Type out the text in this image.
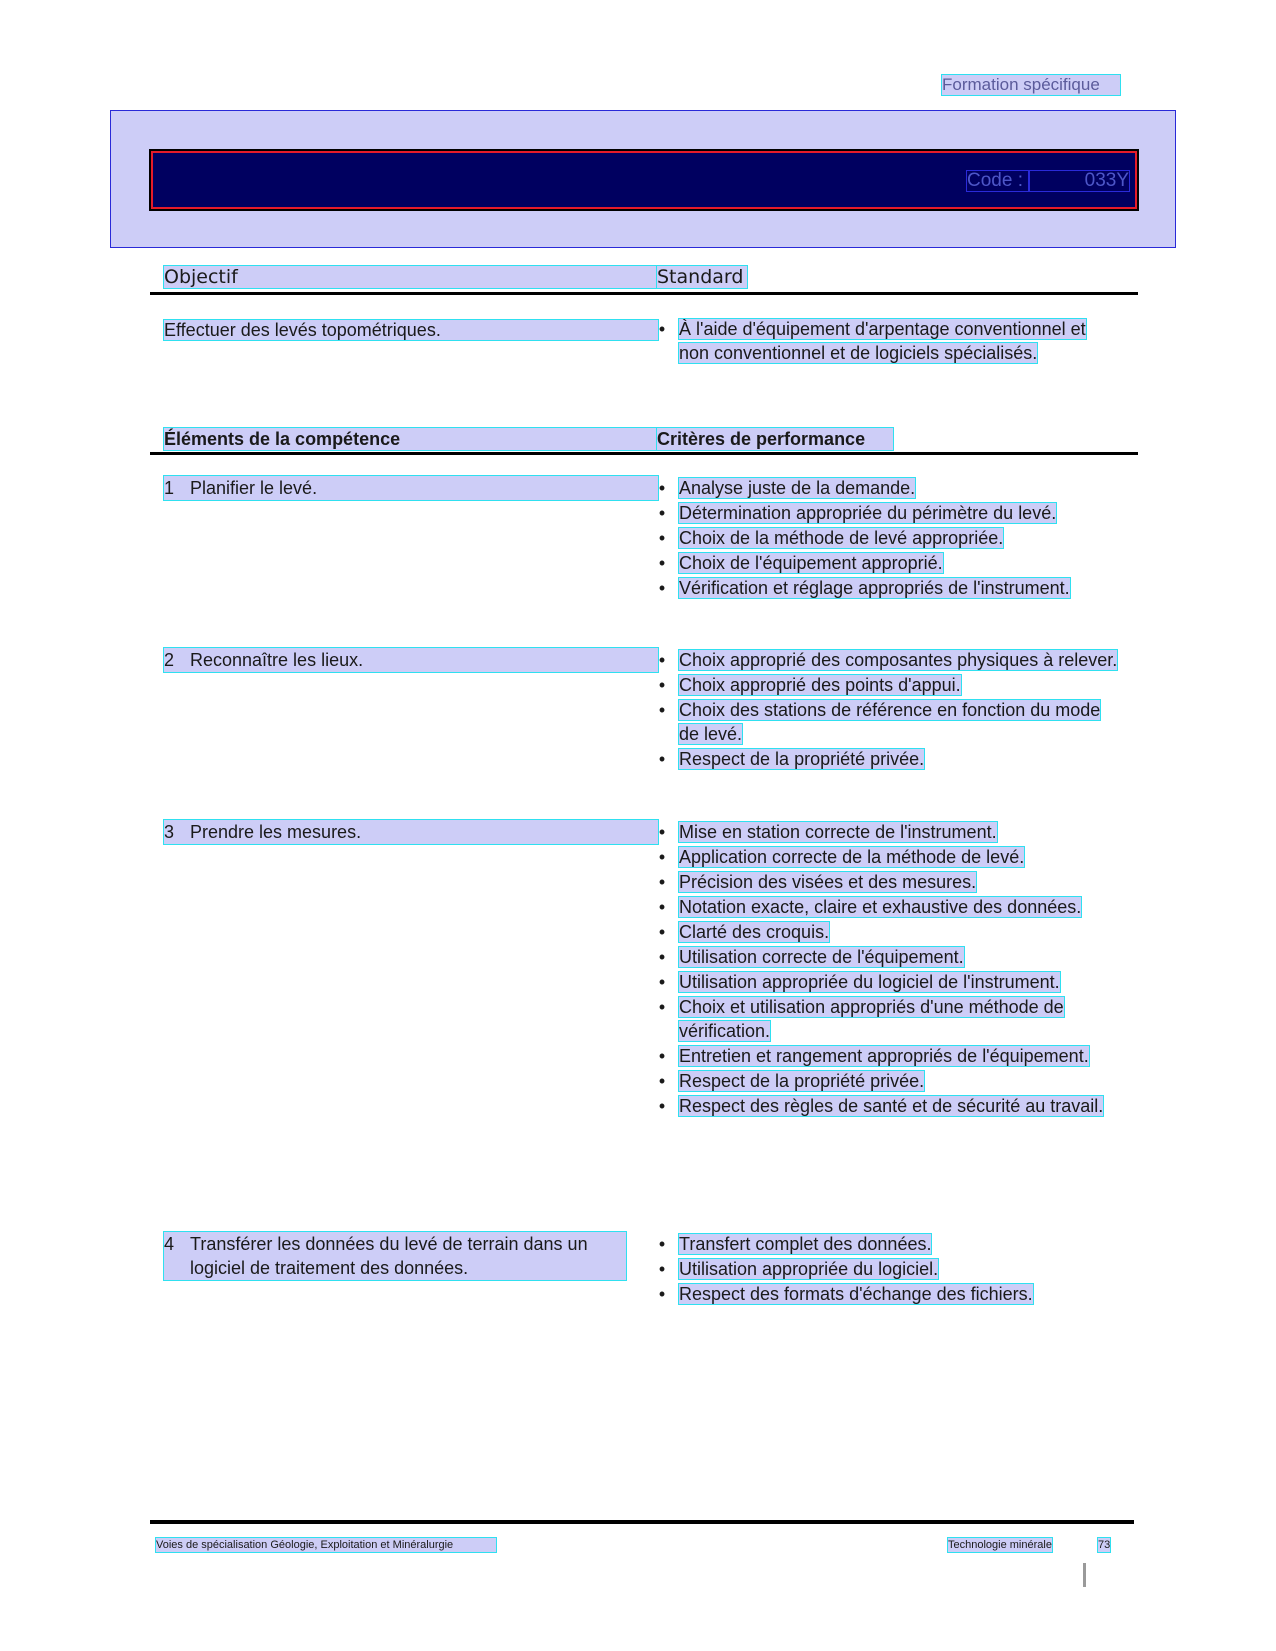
Formation spécifique
Code :	033Y
Objectif	Standard
Effectuer des levés topométriques.	• À l'aide d'équipement d'arpentage conventionnel et non conventionnel et de logiciels spécialisés.
Éléments de la compétence	Critères de performance
1 Planifier le levé.	• Analyse juste de la demande.
• Détermination appropriée du périmètre du levé.
• Choix de la méthode de levé appropriée.
• Choix de l'équipement approprié.
• Vérification et réglage appropriés de l'instrument.
2 Reconnaître les lieux.	• Choix approprié des composantes physiques à relever.
• Choix approprié des points d'appui.
• Choix des stations de référence en fonction du mode de levé.
• Respect de la propriété privée.
3 Prendre les mesures.	• Mise en station correcte de l'instrument.
• Application correcte de la méthode de levé.
• Précision des visées et des mesures.
• Notation exacte, claire et exhaustive des données.
• Clarté des croquis.
• Utilisation correcte de l'équipement.
• Utilisation appropriée du logiciel de l'instrument.
• Choix et utilisation appropriés d'une méthode de vérification.
• Entretien et rangement appropriés de l'équipement.
• Respect de la propriété privée.
• Respect des règles de santé et de sécurité au travail.
4 Transférer les données du levé de terrain dans un logiciel de traitement des données.
• Transfert complet des données.
• Utilisation appropriée du logiciel.
• Respect des formats d'échange des fichiers.
Voies de spécialisation Géologie, Exploitation et Minéralurgie	Technologie minérale	73
